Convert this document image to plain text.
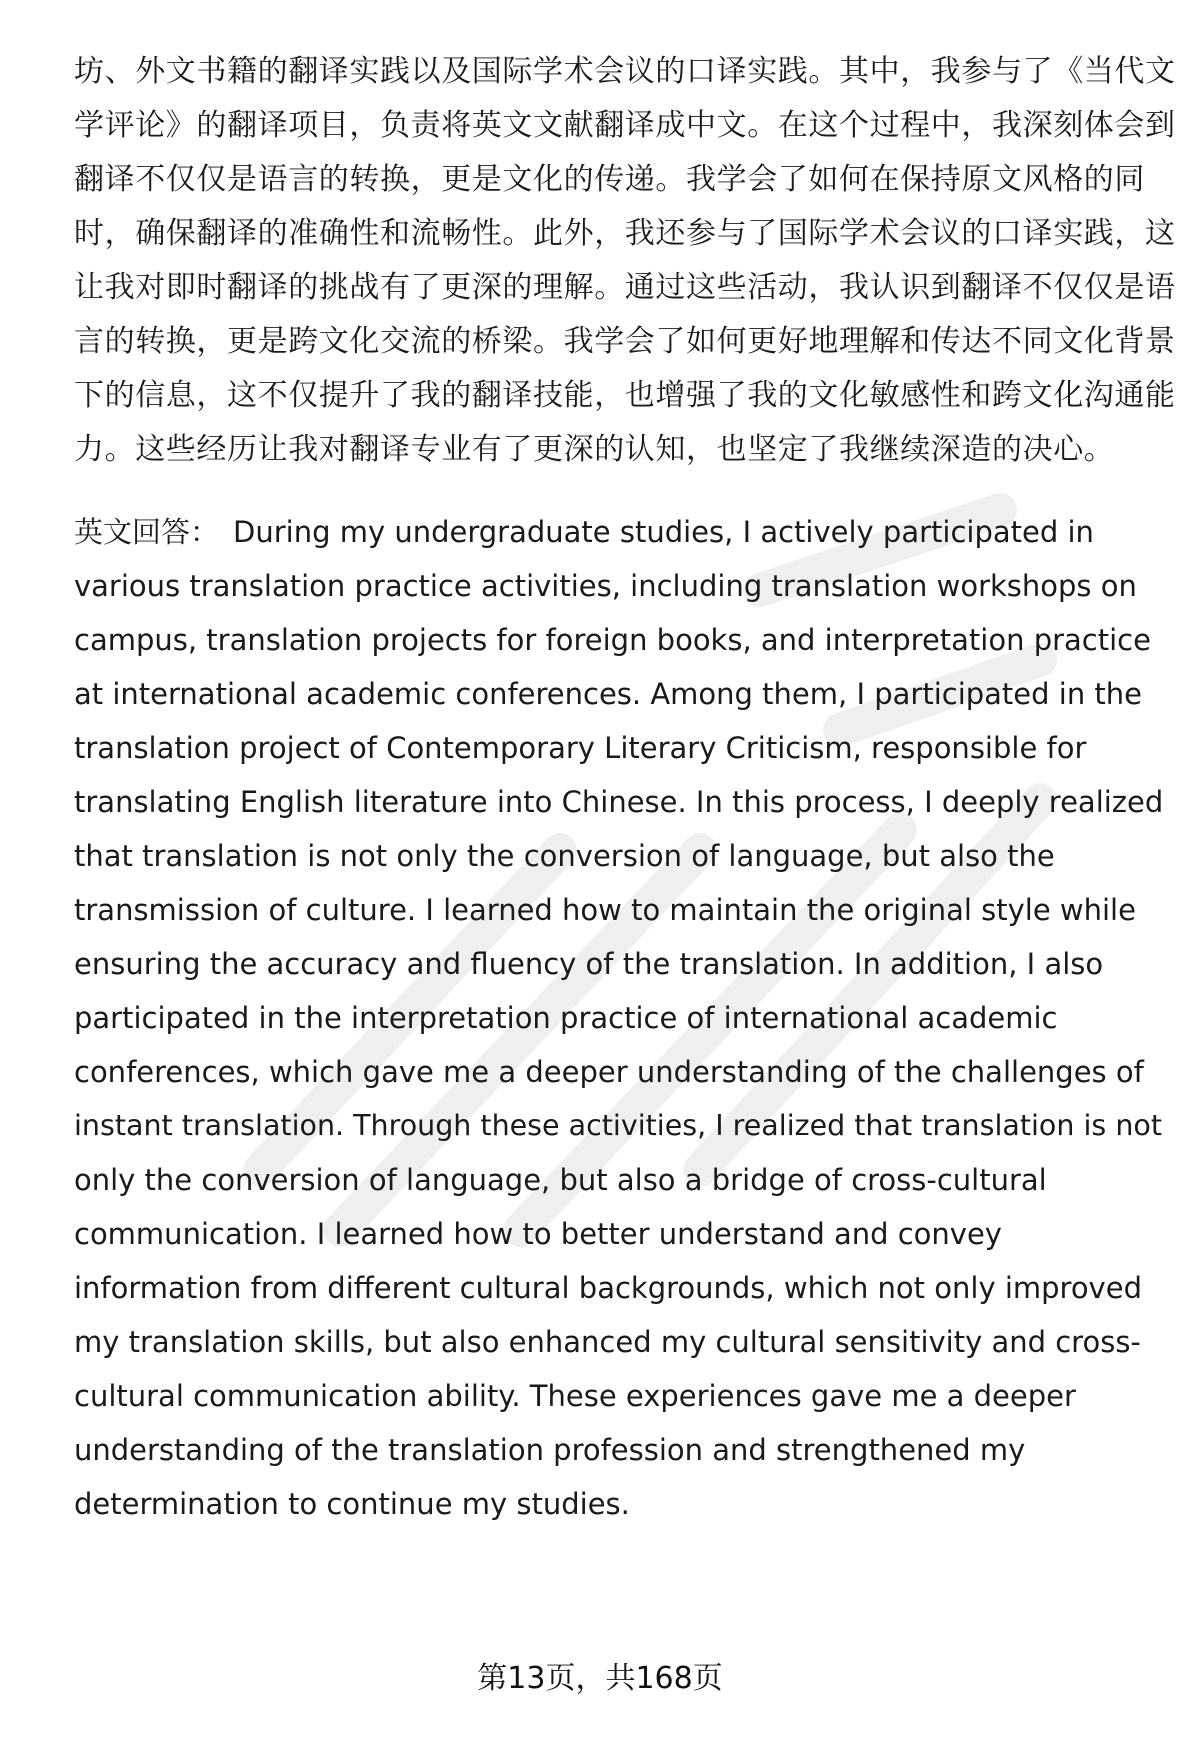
坊、外文书籍的翻译实践以及国际学术会议的口译实践。其中，我参与了《当代文
学评论》的翻译项目，负责将英文文献翻译成中文。在这个过程中，我深刻体会到
翻译不仅仅是语言的转换，更是文化的传递。我学会了如何在保持原文风格的同
时，确保翻译的准确性和流畅性。此外，我还参与了国际学术会议的口译实践，这
让我对即时翻译的挑战有了更深的理解。通过这些活动，我认识到翻译不仅仅是语
言的转换，更是跨文化交流的桥梁。我学会了如何更好地理解和传达不同文化背景
下的信息，这不仅提升了我的翻译技能，也增强了我的文化敏感性和跨文化沟通能
力。这些经历让我对翻译专业有了更深的认知，也坚定了我继续深造的决心。
英文回答： During my undergraduate studies, I actively participated in
various translation practice activities, including translation workshops on
campus, translation projects for foreign books, and interpretation practice
at international academic conferences. Among them, I participated in the
translation project of Contemporary Literary Criticism, responsible for
translating English literature into Chinese. In this process, I deeply realized
that translation is not only the conversion of language, but also the
transmission of culture. I learned how to maintain the original style while
ensuring the accuracy and fluency of the translation. In addition, I also
participated in the interpretation practice of international academic
conferences, which gave me a deeper understanding of the challenges of
instant translation. Through these activities, I realized that translation is not
only the conversion of language, but also a bridge of cross-cultural
communication. I learned how to better understand and convey
information from different cultural backgrounds, which not only improved
my translation skills, but also enhanced my cultural sensitivity and cross-
cultural communication ability. These experiences gave me a deeper
understanding of the translation profession and strengthened my
determination to continue my studies.
第13页，共168页
